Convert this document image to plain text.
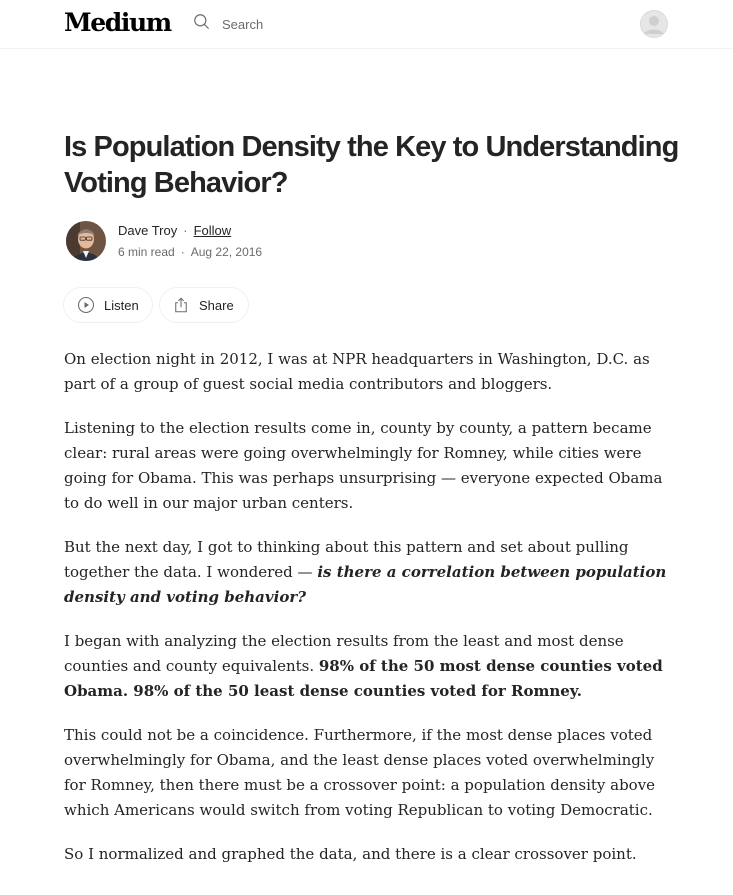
Medium
Search
Is Population Density the Key to Understanding Voting Behavior?
Dave Troy · Follow
6 min read · Aug 22, 2016
Listen	Share

On election night in 2012, I was at NPR headquarters in Washington, D.C. as part of a group of guest social media contributors and bloggers.

Listening to the election results come in, county by county, a pattern became clear: rural areas were going overwhelmingly for Romney, while cities were going for Obama. This was perhaps unsurprising — everyone expected Obama to do well in our major urban centers.

But the next day, I got to thinking about this pattern and set about pulling together the data. I wondered — is there a correlation between population density and voting behavior?

I began with analyzing the election results from the least and most dense counties and county equivalents. 98% of the 50 most dense counties voted Obama. 98% of the 50 least dense counties voted for Romney.

This could not be a coincidence. Furthermore, if the most dense places voted overwhelmingly for Obama, and the least dense places voted overwhelmingly for Romney, then there must be a crossover point: a population density above which Americans would switch from voting Republican to voting Democratic.

So I normalized and graphed the data, and there is a clear crossover point.
